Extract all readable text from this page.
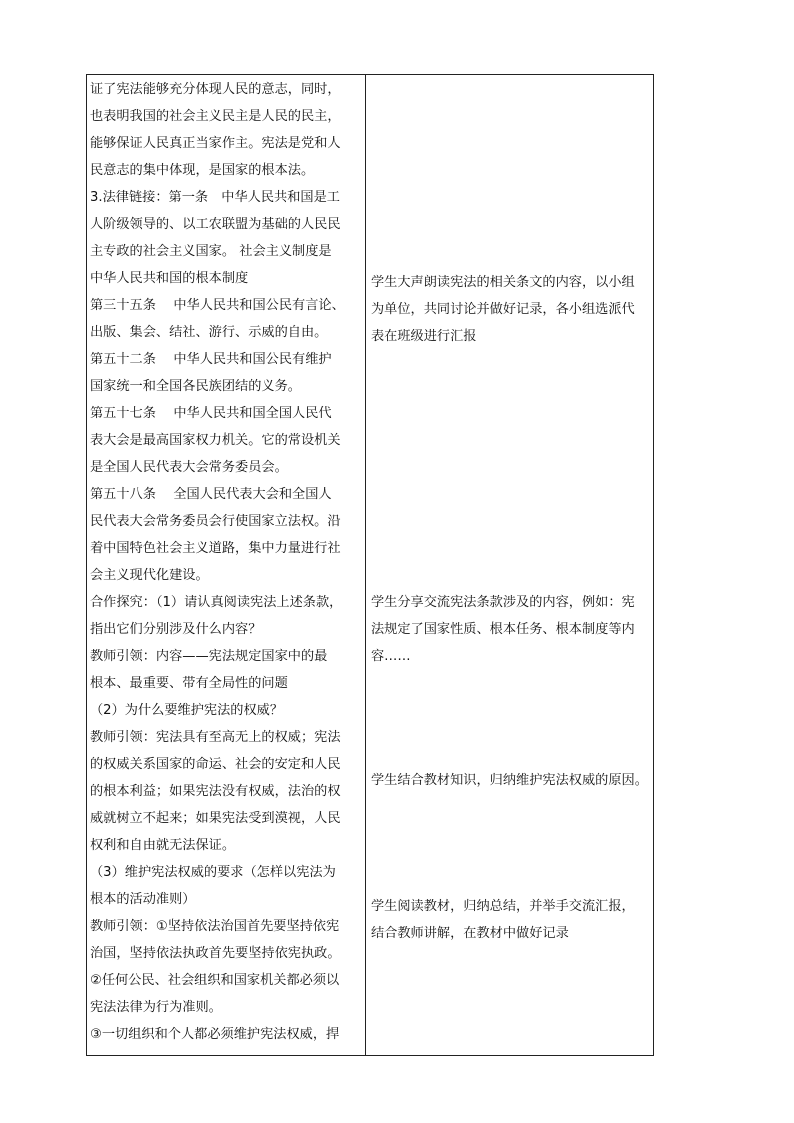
证了宪法能够充分体现人民的意志，同时，
也表明我国的社会主义民主是人民的民主，
能够保证人民真正当家作主。宪法是党和人
民意志的集中体现，是国家的根本法。
3.法律链接：第一条　中华人民共和国是工
人阶级领导的、以工农联盟为基础的人民民
主专政的社会主义国家。 社会主义制度是
中华人民共和国的根本制度
第三十五条　 中华人民共和国公民有言论、
出版、集会、结社、游行、示威的自由。
第五十二条　 中华人民共和国公民有维护
国家统一和全国各民族团结的义务。
第五十七条　 中华人民共和国全国人民代
表大会是最高国家权力机关。它的常设机关
是全国人民代表大会常务委员会。
第五十八条　 全国人民代表大会和全国人
民代表大会常务委员会行使国家立法权。沿
着中国特色社会主义道路，集中力量进行社
会主义现代化建设。
合作探究：（1）请认真阅读宪法上述条款，
指出它们分别涉及什么内容？
教师引领：内容——宪法规定国家中的最
根本、最重要、带有全局性的问题
（2）为什么要维护宪法的权威？
教师引领：宪法具有至高无上的权威；宪法
的权威关系国家的命运、社会的安定和人民
的根本利益；如果宪法没有权威，法治的权
威就树立不起来；如果宪法受到漠视，人民
权利和自由就无法保证。
（3）维护宪法权威的要求（怎样以宪法为
根本的活动准则）
教师引领：①坚持依法治国首先要坚持依宪
治国，坚持依法执政首先要坚持依宪执政。
②任何公民、社会组织和国家机关都必须以
宪法法律为行为准则。
③一切组织和个人都必须维护宪法权威，捍
学生大声朗读宪法的相关条文的内容，以小组
为单位，共同讨论并做好记录，各小组选派代
表在班级进行汇报
学生分享交流宪法条款涉及的内容，例如：宪
法规定了国家性质、根本任务、根本制度等内
容……
学生结合教材知识，归纳维护宪法权威的原因。
学生阅读教材，归纳总结，并举手交流汇报，
结合教师讲解，在教材中做好记录
